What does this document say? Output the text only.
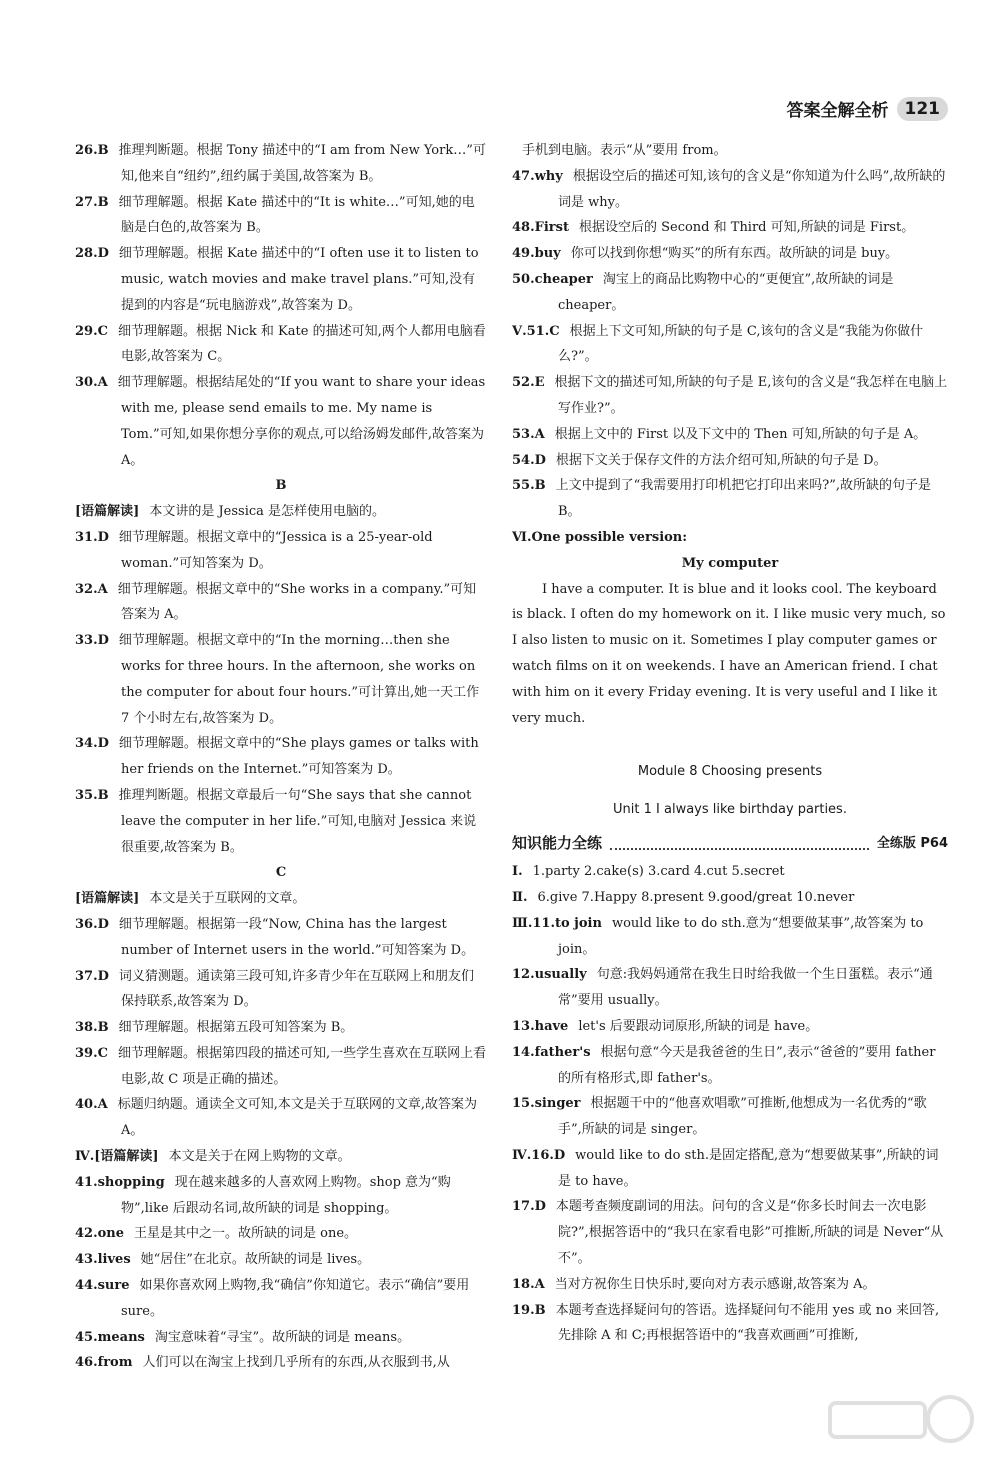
答案全解全析 121
26.B 推理判断题。根据 Tony 描述中的“I am from New York…”可知,他来自“纽约”,纽约属于美国,故答案为 B。
27.B 细节理解题。根据 Kate 描述中的“It is white…”可知,她的电脑是白色的,故答案为 B。
28.D 细节理解题。根据 Kate 描述中的“I often use it to listen to music, watch movies and make travel plans.”可知,没有提到的内容是“玩电脑游戏”,故答案为 D。
29.C 细节理解题。根据 Nick 和 Kate 的描述可知,两个人都用电脑看电影,故答案为 C。
30.A 细节理解题。根据结尾处的“If you want to share your ideas with me, please send emails to me. My name is Tom.”可知,如果你想分享你的观点,可以给汤姆发邮件,故答案为 A。
B
[语篇解读] 本文讲的是 Jessica 是怎样使用电脑的。
31.D 细节理解题。根据文章中的“Jessica is a 25-year-old woman.”可知答案为 D。
32.A 细节理解题。根据文章中的“She works in a company.”可知答案为 A。
33.D 细节理解题。根据文章中的“In the morning…then she works for three hours. In the afternoon, she works on the computer for about four hours.”可计算出,她一天工作 7 个小时左右,故答案为 D。
34.D 细节理解题。根据文章中的“She plays games or talks with her friends on the Internet.”可知答案为 D。
35.B 推理判断题。根据文章最后一句“She says that she cannot leave the computer in her life.”可知,电脑对 Jessica 来说很重要,故答案为 B。
C
[语篇解读] 本文是关于互联网的文章。
36.D 细节理解题。根据第一段“Now, China has the largest number of Internet users in the world.”可知答案为 D。
37.D 词义猜测题。通读第三段可知,许多青少年在互联网上和朋友们保持联系,故答案为 D。
38.B 细节理解题。根据第五段可知答案为 B。
39.C 细节理解题。根据第四段的描述可知,一些学生喜欢在互联网上看电影,故 C 项是正确的描述。
40.A 标题归纳题。通读全文可知,本文是关于互联网的文章,故答案为 A。
Ⅳ.[语篇解读] 本文是关于在网上购物的文章。
41.shopping 现在越来越多的人喜欢网上购物。shop 意为“购物”,like 后跟动名词,故所缺的词是 shopping。
42.one 王星是其中之一。故所缺的词是 one。
43.lives 她“居住”在北京。故所缺的词是 lives。
44.sure 如果你喜欢网上购物,我“确信”你知道它。表示“确信”要用 sure。
45.means 淘宝意味着“寻宝”。故所缺的词是 means。
46.from 人们可以在淘宝上找到几乎所有的东西,从衣服到书,从
手机到电脑。表示“从”要用 from。
47.why 根据设空后的描述可知,该句的含义是“你知道为什么吗”,故所缺的词是 why。
48.First 根据设空后的 Second 和 Third 可知,所缺的词是 First。
49.buy 你可以找到你想“购买”的所有东西。故所缺的词是 buy。
50.cheaper 淘宝上的商品比购物中心的“更便宜”,故所缺的词是 cheaper。
Ⅴ.51.C 根据上下文可知,所缺的句子是 C,该句的含义是“我能为你做什么?”。
52.E 根据下文的描述可知,所缺的句子是 E,该句的含义是“我怎样在电脑上写作业?”。
53.A 根据上文中的 First 以及下文中的 Then 可知,所缺的句子是 A。
54.D 根据下文关于保存文件的方法介绍可知,所缺的句子是 D。
55.B 上文中提到了“我需要用打印机把它打印出来吗?”,故所缺的句子是 B。
Ⅵ.One possible version:
My computer

I have a computer. It is blue and it looks cool. The keyboard is black. I often do my homework on it. I like music very much, so I also listen to music on it. Sometimes I play computer games or watch films on it on weekends. I have an American friend. I chat with him on it every Friday evening. It is very useful and I like it very much.

Module 8 Choosing presents
Unit 1 I always like birthday parties.
知识能力全练	全练版 P64
Ⅰ. 1.party 2.cake(s) 3.card 4.cut 5.secret
Ⅱ. 6.give 7.Happy 8.present 9.good/great 10.never
Ⅲ.11.to join would like to do sth.意为“想要做某事”,故答案为 to join。
12.usually 句意:我妈妈通常在我生日时给我做一个生日蛋糕。表示“通常”要用 usually。
13.have let's 后要跟动词原形,所缺的词是 have。
14.father's 根据句意“今天是我爸爸的生日”,表示“爸爸的”要用 father 的所有格形式,即 father's。
15.singer 根据题干中的“他喜欢唱歌”可推断,他想成为一名优秀的“歌手”,所缺的词是 singer。
Ⅳ.16.D would like to do sth.是固定搭配,意为“想要做某事”,所缺的词是 to have。
17.D 本题考查频度副词的用法。问句的含义是“你多长时间去一次电影院?”,根据答语中的“我只在家看电影”可推断,所缺的词是 Never“从不”。
18.A 当对方祝你生日快乐时,要向对方表示感谢,故答案为 A。
19.B 本题考查选择疑问句的答语。选择疑问句不能用 yes 或 no 来回答,先排除 A 和 C;再根据答语中的“我喜欢画画”可推断,
